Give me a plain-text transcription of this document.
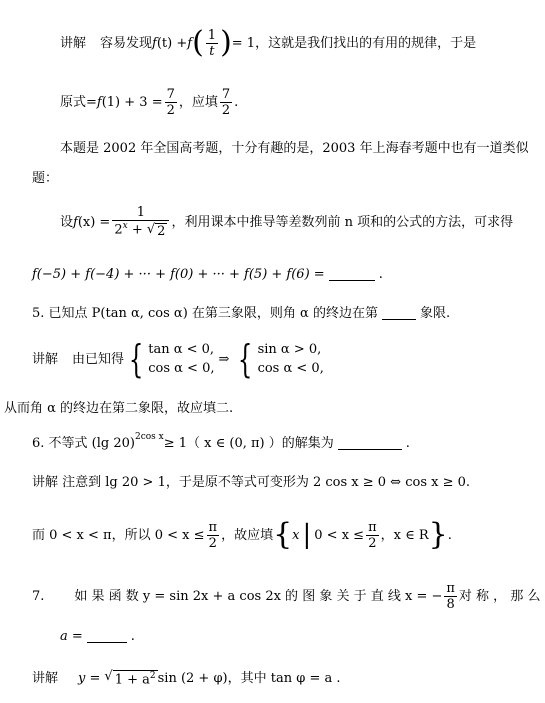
讲解 容易发现 f (t) + f ( $\frac{1}{t}$ ) = 1，这就是我们找出的有用的规律，于是
原式= f $(1) + 3 = \frac{7}{2}$ ，应填 $\frac{7}{2}$ .
本题是 2002 年全国高考题，十分有趣的是，2003 年上海春考题中也有一道类似
题：
设 f $(x) = \frac{1}{2^x + √ 2}$ ，利用课本中推导等差数列前 n 项和的公式的方法，可求得
f(−5) + f(−4) + ··· + f(0) + ··· + f(5) + f(6) =	.
5. 已知点 P(tan α, cos α) 在第三象限，则角 α 的终边在第	象限.
讲解 由已知得 { tan α < 0,
cos α < 0,
⇒ { sin α > 0,
cos α < 0,
从而角 α 的终边在第二象限，故应填二.
6. 不等式 (lg 20)$^{2cos x}$ ≥ 1（ x ∈ (0, π) ）的解集为	.
讲解 注意到 lg 20 > 1，于是原不等式可变形为 2 cos x ≥ 0 ⇔ cos x ≥ 0.
而 0 < x < π，所以 $0 < x \le \frac{\pi}{2}$ ，故应填 { x | $0 < x \le \frac{\pi}{2}$ ，x ∈ R } .
7. 如 果 函 数 y = sin 2x + a cos 2x 的 图 象 关 于 直 线 x = − $\frac{\pi}{8}$ 对 称 ， 那 么
a =	.
讲解 y = √ $1 + a^2$ sin (2 + φ)，其中 tan φ = a .
